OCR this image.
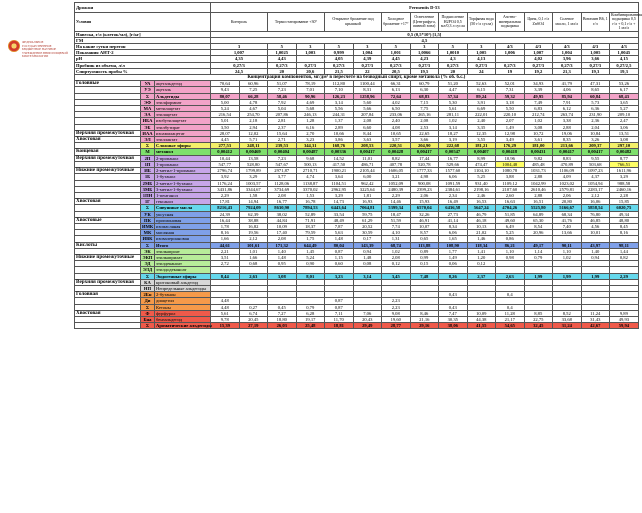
ФЕДЕРАЛЬНОЕ ГОСУДАРСТВЕННОЕ БЮДЖЕТНОЕ НАУЧНОЕ УЧРЕЖДЕНИЕ ВНИИ ПИЩЕВОЙ БИОТЕХНОЛОГИИ
Дрожжи			Fermentis D-53														
Условия			Контроль		Термостатирование +30°		Открытое брожение под крышкой		Холодное брожение +17°	Осветление (Центрифуга, пивной зона)	Подкисление H2PO4 0,5 мл/0,3 л сусла	Торфяная вода (50 г/л сусла)	Азотно-минеральная подкормка	Цинк, 0,1 г/л ZnSO4	Солевое масло, 1 мл/л	Витамин B6, 1 г/л	Комбинированная подкормка 0,5 г/л + 0,1 г/л + 1 мл/л
Навеска, г/л (клеток/мл), [г/кг]			0,5 (0,5*10⁷) [1,5]														
ГМ			4,5														
На какие сутки перегон			3		5	3	5	3	5	3	5	3	4/3	4/3	4/3	4/3	4/3
Показания АНТ-2			1,007		1,0025	1,003	0,999	1,004	1,001	1,0066	1,0010	1,005	1,006	1,007	1,004	1,005	1,0045
pH			4,35		4,43		4,05	4,39	4,45	4,23	4,3	4,13		4,02	3,96	3,66	4,15
Пробник из объема, л/л			0,27/3		0,27/3	0,27/3	0,27/3	0,27/3	0,27/3	0,27/3	0,27/3	0,27/3	0,27/3	0,27/3	0,27/3	0,27/3	0,27/2,5
Спиртуозность пробы %			24,5		20	20,6	21,5	22	20,5	19,5	20	24	19	19,2	21,3	19,3	19,3
Концентрация компонентов, мг/дм³ в пересчете на безводный спирт, кроме метанола (% об. б.с.)																	
Головные	УА	ацетальдегид	70,64	60,96	51,07	78,19	112,80	1100,44	66,31	60,79	51,20	52,63	52,01	34,93	41,79	47,31	53,26
	УЭ	ацеталь	9,43	7,25	7,23	7,01	7,10	8,31	6,13	6,30	4,47	6,15	7,31	3,39	4,06	8,65	6,17
	Σ	Альдегиды	80,07	66,28	58,46	90,96	126,23	1258,96	72,64	68,83	57,34	89,24	59,32	49,95	85,94	60,84	68,43
	ЭФ	этилформиат	5,00	4,78	7,92	4,69	3,14	5,60	4,02	7,15	5,30	3,91	3,18	7,49	7,91	5,73	3,65
	МА	метилацетат	5,24	4,67	5,04	5,68	5,56	5,66	6,50	7,75	5,61	6,69	5,50	6,83	6,12	6,36	5,27
	ЭА	этилацетат	216,54	254,70	207,86	246,13	244,31	207,84	233,06	265,16	281,11	222,01	220,10	212,74	263,74	231,90	209,10
	ИБА	изобутилацетат	5,01	2,18	2,81	1,28	1,37	2,08	2,40	2,08	1,02	2,40	2,07	1,02	3,38	2,36	2,47
	ЭБ	этилбутират	3,50	2,94	2,37	6,16	2,89	6,60	4,08	2,53	3,14	3,35	1,49	3,08	2,88	2,04	3,06
Верхняя промежуточная	ИАА	изоамилацетат	28,07	12,02	15,64	2,70	10,66	8,44	10,65	22,65	18,27	12,35	12,98	10,72	19,06	10,84	13,51
Хвостовая	ЭЛ	этиллактат	4,45	5,71	2,71	3,23	3,86	3,63	3,57	3,66	3,19	3,55	3,49	3,61	8,35	3,26	3,08
	Σ	Сложные эфиры	277,53	248,11	239,53	344,31	168,76	208,53	220,51	204,90	222,68	181,21	176,29	181,00	213,66	209,37	297,10
Концевая	М	метанол	0,00412	0,00469	0,00404	0,00487	0,00336	0,00417	0,00428	0,00417	0,00547	0,00407	0,00418	0,00431	0,00417	0,00417	0,00482
Верхняя промежуточная	2П	2-пропанол	10,44	13,58	7,23	9,68	14,52	11,01	8,82	17,44	16,77	8,99	10,96	9,82	8,83	9,55	8,77
	1П	1-пропанол	547,77	528,80	547,67	500,13	417,50	486,71	407,78	520,78	529,66	474,47	1004,48	485,48	470,89	503,68	766,51
Нижние промежуточные	ИБ	2-метил-1-пропанол	2796,74	1799,89	2971,87	2710,71	1900,21	2105,44	1606,05	1777,33	1577,60	1104,10	1080,78	1031,73	1106,09	1097,23	1611,96
	1Б	1-бутанол	3,92	3,29	3,77	4,74	3,64	6,00	3,21	4,98	6,06	5,25	3,88	2,88	4,09	4,37	3,29
	2МБ	2-метил-1-бутанол	1176,24	1003,57	1128,06	1138,87	1104,51	962,42	1052,09	900,08	1091,59	931,40	1109,12	1042,99	1023,02	1054,94	988,58
	3МБ	3-метил-1-бутанол	3431,86	3344,67	3734,69	3370,02	2962,95	3225,64	2480,39	2399,23	2384,61	2198,16	2107,60	2610,46	2579,81	2283,17	2460,16
	1ПН	1-пентанол	2,29	1,58	2,08	1,53	3,29	1,81	2,29	2,06	2,34	2,46	2,60	2,88	2,06	2,12	2,28
Хвостовая	1Г	гексанол	17,81	14,94	16,77	16,78	14,73	16,93	14,46	15,93	16,49	16,53	16,63	16,51	20,80	16,06	15,85
	Σ	Сивушные масла	8216,43	7924,09	8630,90	7894,53	6443,64	7064,81	5399,34	6570,04	6436,58	5647,24	4704,26	5525,80	5166,67	5858,54	6020,75
	УК	уксусная	24,39	62,39	38,02	52,89	33,54	59,75	18,47	32,26	27,73	46,79	51,85	64,89	68,34	76,80	49,34
Хвостовые	ПК	пропионовая	16,44	38,88	44,84	71,91	48,49	61,29	51,59	46,91	41,14	46,18	49,60	65,30	41,76	46,85	48,80
	ИМК	изомасляная	1,78	16,82	10,09	18,37	7,87	20,52	7,74	10,07	8,34	10,13	6,49	8,54	7,40	4,56	8,45
	МК	масляная	8,16	19,56	17,40	79,59	5,63	30,59	4,10	8,57	6,06	21,02	5,25	20,96	13,66	10,01	8,16
	ИВК	изовалериановая	1,66	2,12	2,08	1,75	1,48	0,17	1,31	0,65	1,65	1,46	0,86				
Кислоты	Σ	Итого	44,61	101,61	171,32	644,49	80,04	143,39	68,74	113,88	108,90	118,34	86,21	49,17	90,11	43,97	98,11
	ЭК	этилкапроат	2,21	1,01	1,40	1,45	0,87	0,94	1,02	0,89	1,77	1,41	1,10	1,14	1,10	1,40	1,44
Нижние промежуточные	ЭКП	этилкаприлат	3,51	1,66	1,48	5,24	1,15	1,48	2,08	0,99	1,49	1,20	0,98	0,79	1,02	0,94	0,82
	ЭД	этилдеканоат	2,72	0,68	0,95	0,90	0,60	0,08	0,12	0,15	0,06	0,12					
	ЭЛД	этилдодеканоат															
	Σ	Эндогенные эфиры	8,44	2,63	3,08	8,01	3,23	3,14	3,45	7,48	8,26	2,37	2,63	1,99	1,99	1,99	2,29
Верхняя промежуточная	КА	кротоновый альдегид															
	НП	Непредельные альдегиды															
Головная	2Бн	2-бутанон									0,43		0,4				
	Ди	диацетил	4,48				0,87		2,23								
	Σ	Кетоны	4,48	0,27	0,45	0,79	0,87		2,23		0,43		0,4				
Хвостовая	Ф	фурфурол	5,61	6,74	7,27	6,28	7,11	7,06	9,08	8,46	7,47	10,09	11,28	8,85	8,52	11,24	9,89
	Бна	бензальдегид	9,78	20,45	18,80	19,17	11,70	20,43	19,60	21,16	30,35	44,38	21,17	22,75	33,68	31,43	49,93
	Σ	Ароматические альдегиды	15,39	27,19	26,03	25,48	18,81	29,49	28,77	29,16	38,06	41,55	54,65	32,45	31,24	42,67	59,94
